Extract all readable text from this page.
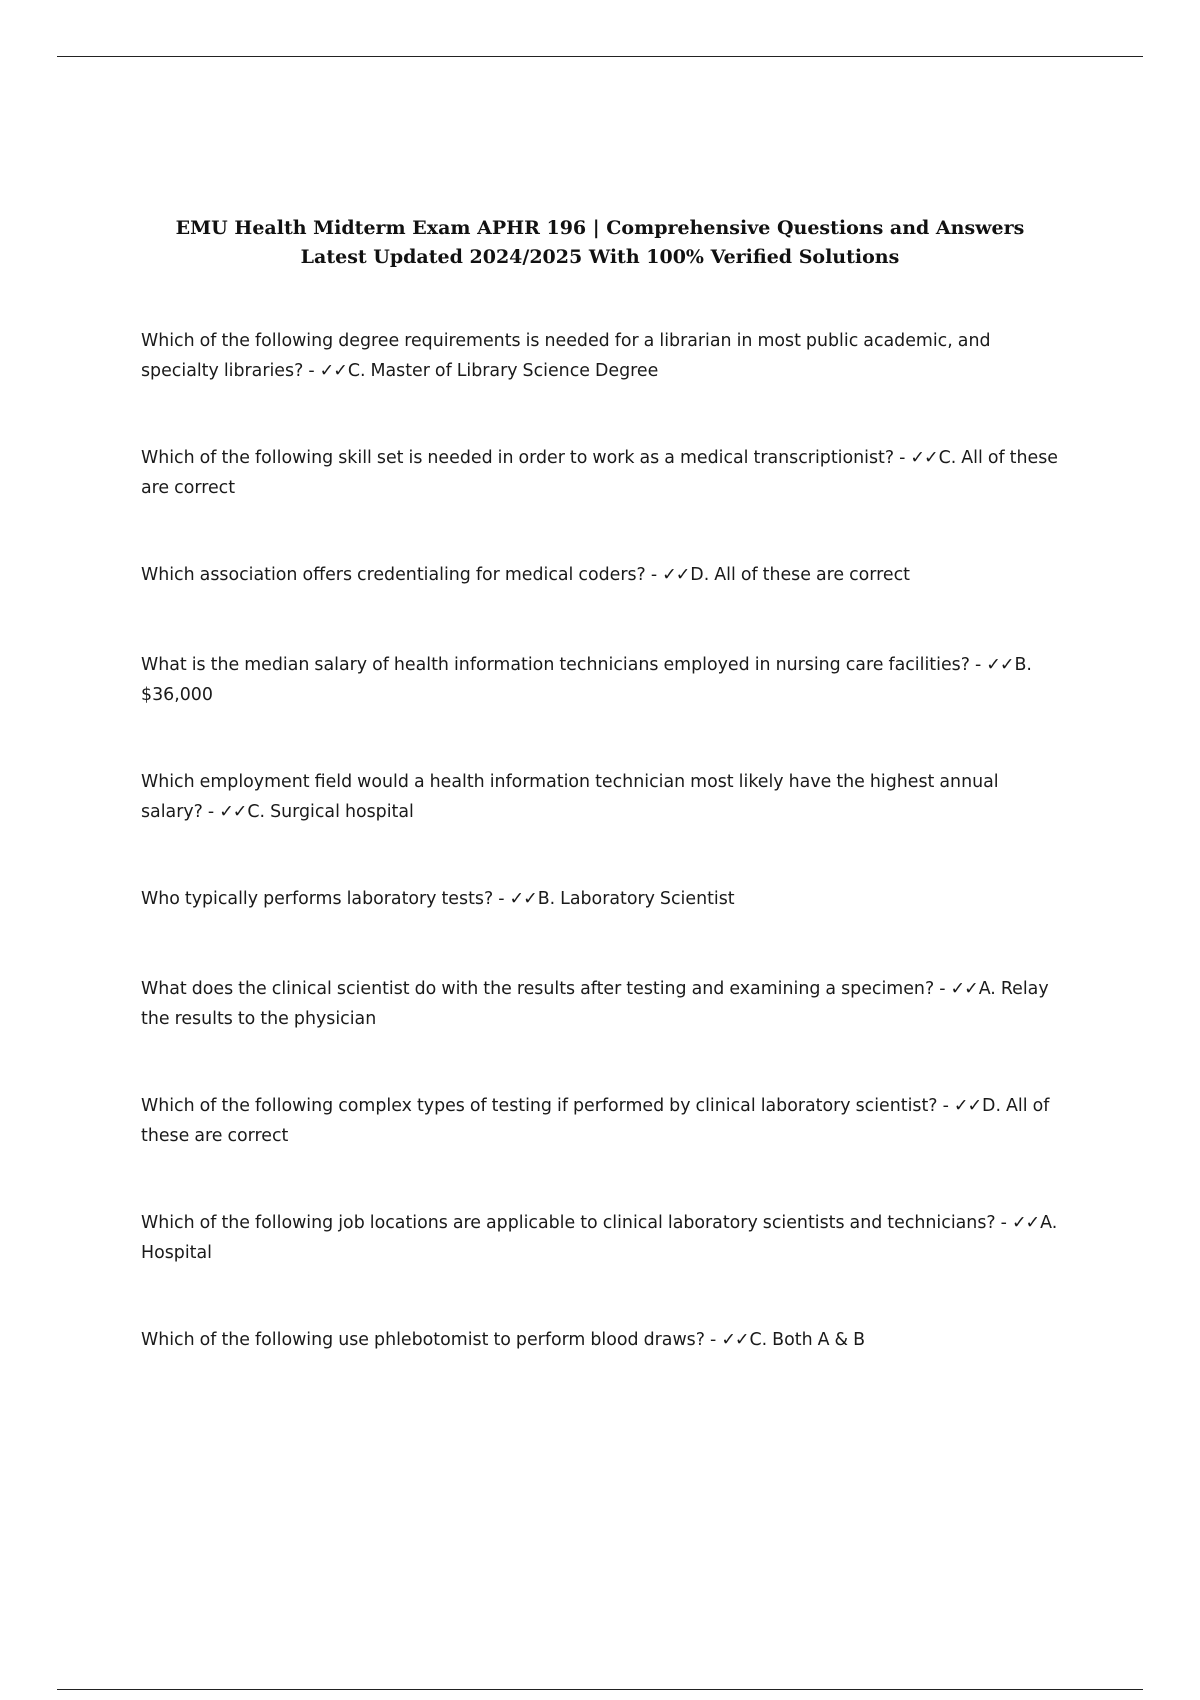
EMU Health Midterm Exam APHR 196 | Comprehensive Questions and Answers Latest Updated 2024/2025 With 100% Verified Solutions
Which of the following degree requirements is needed for a librarian in most public academic, and specialty libraries? - ✓✓C. Master of Library Science Degree
Which of the following skill set is needed in order to work as a medical transcriptionist? - ✓✓C. All of these are correct
Which association offers credentialing for medical coders? - ✓✓D. All of these are correct
What is the median salary of health information technicians employed in nursing care facilities? - ✓✓B. $36,000
Which employment field would a health information technician most likely have the highest annual salary? - ✓✓C. Surgical hospital
Who typically performs laboratory tests? - ✓✓B. Laboratory Scientist
What does the clinical scientist do with the results after testing and examining a specimen? - ✓✓A. Relay the results to the physician
Which of the following complex types of testing if performed by clinical laboratory scientist? - ✓✓D. All of these are correct
Which of the following job locations are applicable to clinical laboratory scientists and technicians? - ✓✓A. Hospital
Which of the following use phlebotomist to perform blood draws? - ✓✓C. Both A & B
